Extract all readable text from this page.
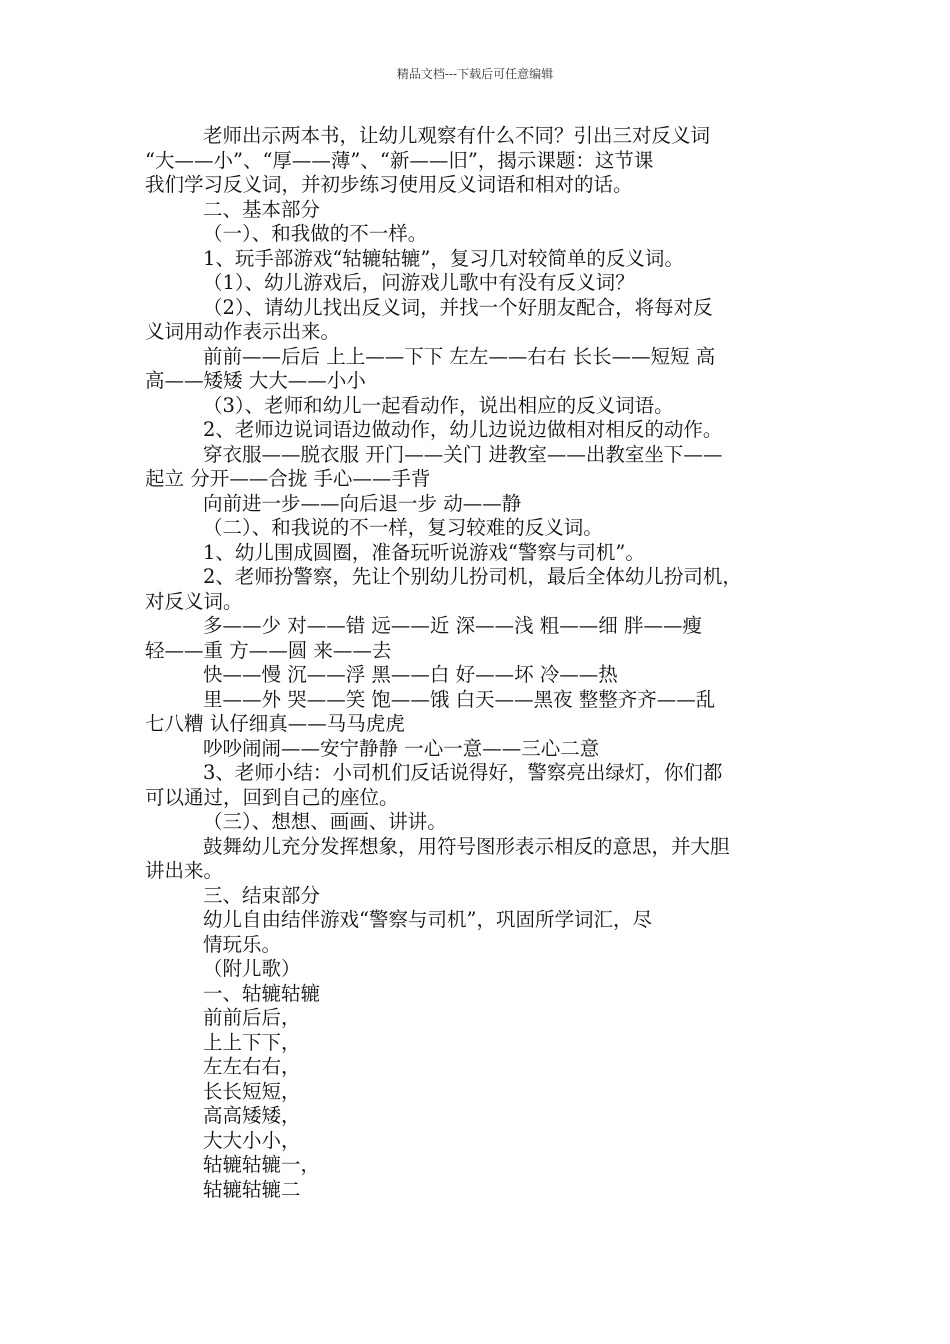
精品文档---下载后可任意编辑
老师出示两本书，让幼儿观察有什么不同？引出三对反义词
“大——小”、“厚——薄”、“新——旧”，揭示课题：这节课
我们学习反义词，并初步练习使用反义词语和相对的话。
二、基本部分
（一）、和我做的不一样。
1、玩手部游戏“轱辘轱辘”，复习几对较简单的反义词。
（1）、幼儿游戏后，问游戏儿歌中有没有反义词？
（2）、请幼儿找出反义词，并找一个好朋友配合，将每对反
义词用动作表示出来。
前前——后后 上上——下下 左左——右右 长长——短短 高
高——矮矮 大大——小小
（3）、老师和幼儿一起看动作，说出相应的反义词语。
2、老师边说词语边做动作，幼儿边说边做相对相反的动作。
穿衣服——脱衣服 开门——关门 进教室——出教室坐下——
起立 分开——合拢 手心——手背
向前进一步——向后退一步 动——静
（二）、和我说的不一样，复习较难的反义词。
1、幼儿围成圆圈，准备玩听说游戏“警察与司机”。
2、老师扮警察，先让个别幼儿扮司机，最后全体幼儿扮司机，
对反义词。
多——少 对——错 远——近 深——浅 粗——细 胖——瘦
轻——重 方——圆 来——去
快——慢 沉——浮 黑——白 好——坏 冷——热
里——外 哭——笑 饱——饿 白天——黑夜 整整齐齐——乱
七八糟 认仔细真——马马虎虎
吵吵闹闹——安宁静静 一心一意——三心二意
3、老师小结：小司机们反话说得好，警察亮出绿灯，你们都
可以通过，回到自己的座位。
（三）、想想、画画、讲讲。
鼓舞幼儿充分发挥想象，用符号图形表示相反的意思，并大胆
讲出来。
三、结束部分
幼儿自由结伴游戏“警察与司机”，巩固所学词汇，尽
情玩乐。
（附儿歌）
一、轱辘轱辘
前前后后，
上上下下，
左左右右，
长长短短，
高高矮矮，
大大小小，
轱辘轱辘一，
轱辘轱辘二
